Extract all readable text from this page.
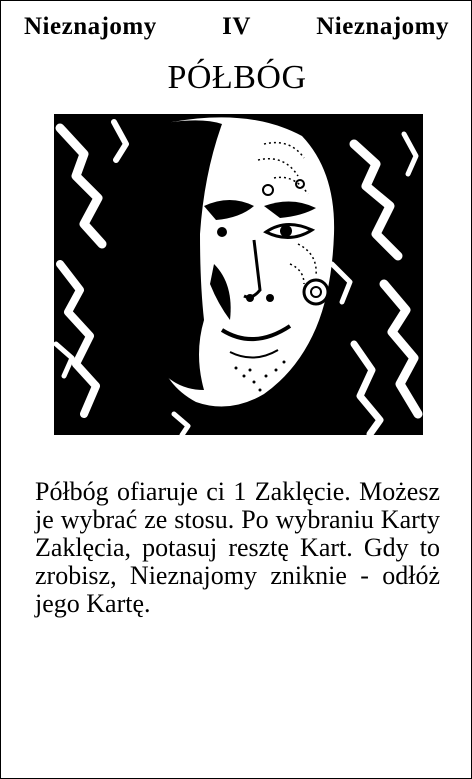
Nieznajomy	IV	Nieznajomy
PÓŁBÓG

Półbóg ofiaruje ci 1 Zaklęcie. Możesz je wybrać ze stosu. Po wybraniu Karty Zaklęcia, potasuj resztę Kart. Gdy to zrobisz, Nieznajomy zniknie - odłóż jego Kartę.
